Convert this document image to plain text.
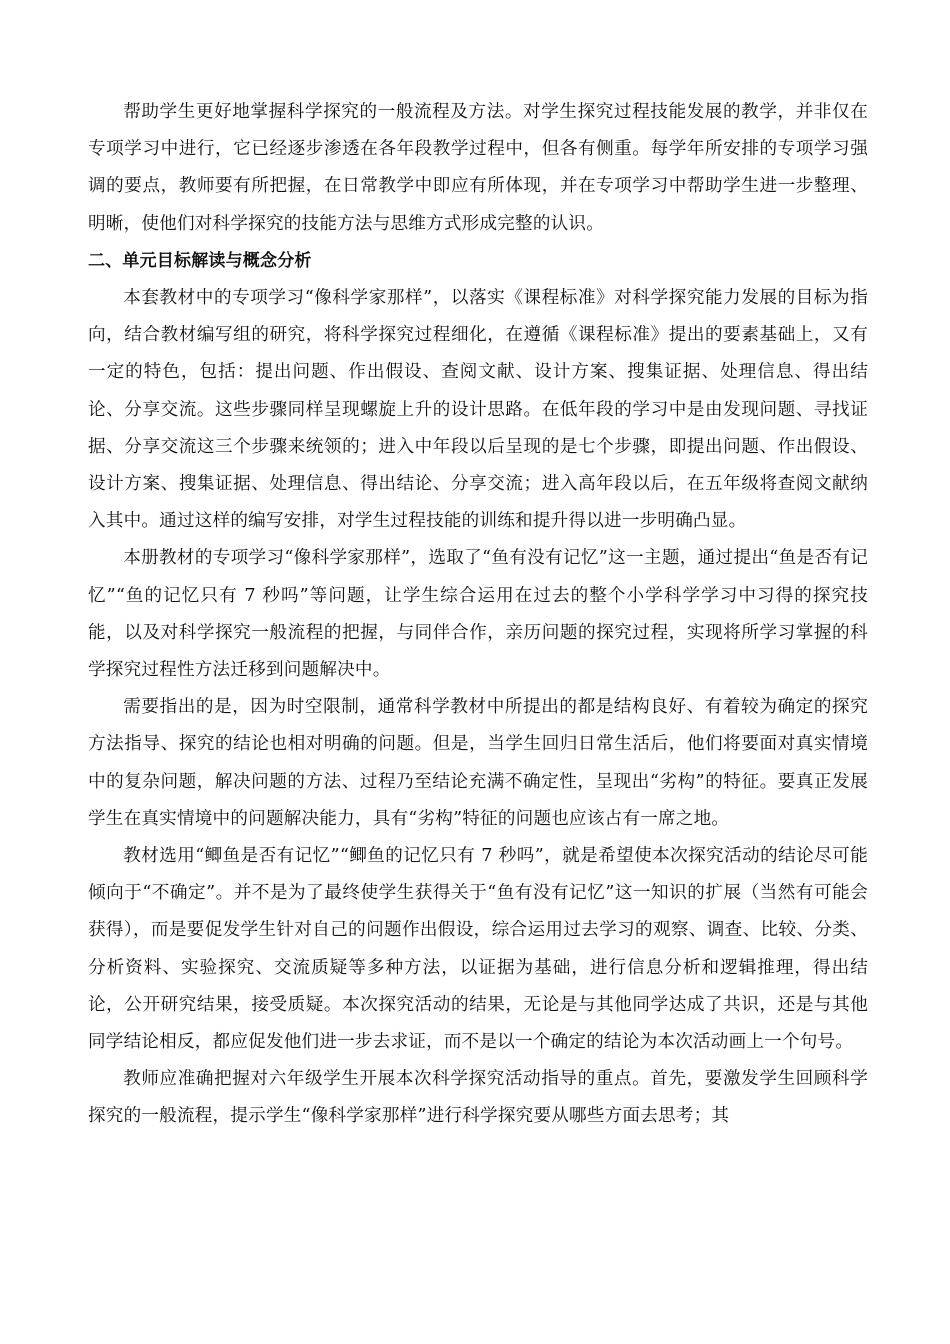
帮助学生更好地掌握科学探究的一般流程及方法。对学生探究过程技能发展的教学，并非仅在专项学习中进行，它已经逐步渗透在各年段教学过程中，但各有侧重。每学年所安排的专项学习强调的要点，教师要有所把握，在日常教学中即应有所体现，并在专项学习中帮助学生进一步整理、明晰，使他们对科学探究的技能方法与思维方式形成完整的认识。

二、单元目标解读与概念分析

本套教材中的专项学习“像科学家那样”，以落实《课程标准》对科学探究能力发展的目标为指向，结合教材编写组的研究，将科学探究过程细化，在遵循《课程标准》提出的要素基础上，又有一定的特色，包括：提出问题、作出假设、查阅文献、设计方案、搜集证据、处理信息、得出结论、分享交流。这些步骤同样呈现螺旋上升的设计思路。在低年段的学习中是由发现问题、寻找证据、分享交流这三个步骤来统领的；进入中年段以后呈现的是七个步骤，即提出问题、作出假设、设计方案、搜集证据、处理信息、得出结论、分享交流；进入高年段以后，在五年级将查阅文献纳入其中。通过这样的编写安排，对学生过程技能的训练和提升得以进一步明确凸显。

本册教材的专项学习“像科学家那样”，选取了“鱼有没有记忆”这一主题，通过提出“鱼是否有记忆”“鱼的记忆只有 7 秒吗”等问题，让学生综合运用在过去的整个小学科学学习中习得的探究技能，以及对科学探究一般流程的把握，与同伴合作，亲历问题的探究过程，实现将所学习掌握的科学探究过程性方法迁移到问题解决中。

需要指出的是，因为时空限制，通常科学教材中所提出的都是结构良好、有着较为确定的探究方法指导、探究的结论也相对明确的问题。但是，当学生回归日常生活后，他们将要面对真实情境中的复杂问题，解决问题的方法、过程乃至结论充满不确定性，呈现出“劣构”的特征。要真正发展学生在真实情境中的问题解决能力，具有“劣构”特征的问题也应该占有一席之地。

教材选用“鲫鱼是否有记忆”“鲫鱼的记忆只有 7 秒吗”，就是希望使本次探究活动的结论尽可能倾向于“不确定”。并不是为了最终使学生获得关于“鱼有没有记忆”这一知识的扩展（当然有可能会获得），而是要促发学生针对自己的问题作出假设，综合运用过去学习的观察、调查、比较、分类、分析资料、实验探究、交流质疑等多种方法，以证据为基础，进行信息分析和逻辑推理，得出结论，公开研究结果，接受质疑。本次探究活动的结果，无论是与其他同学达成了共识，还是与其他同学结论相反，都应促发他们进一步去求证，而不是以一个确定的结论为本次活动画上一个句号。

教师应准确把握对六年级学生开展本次科学探究活动指导的重点。首先，要激发学生回顾科学探究的一般流程，提示学生“像科学家那样”进行科学探究要从哪些方面去思考；其
